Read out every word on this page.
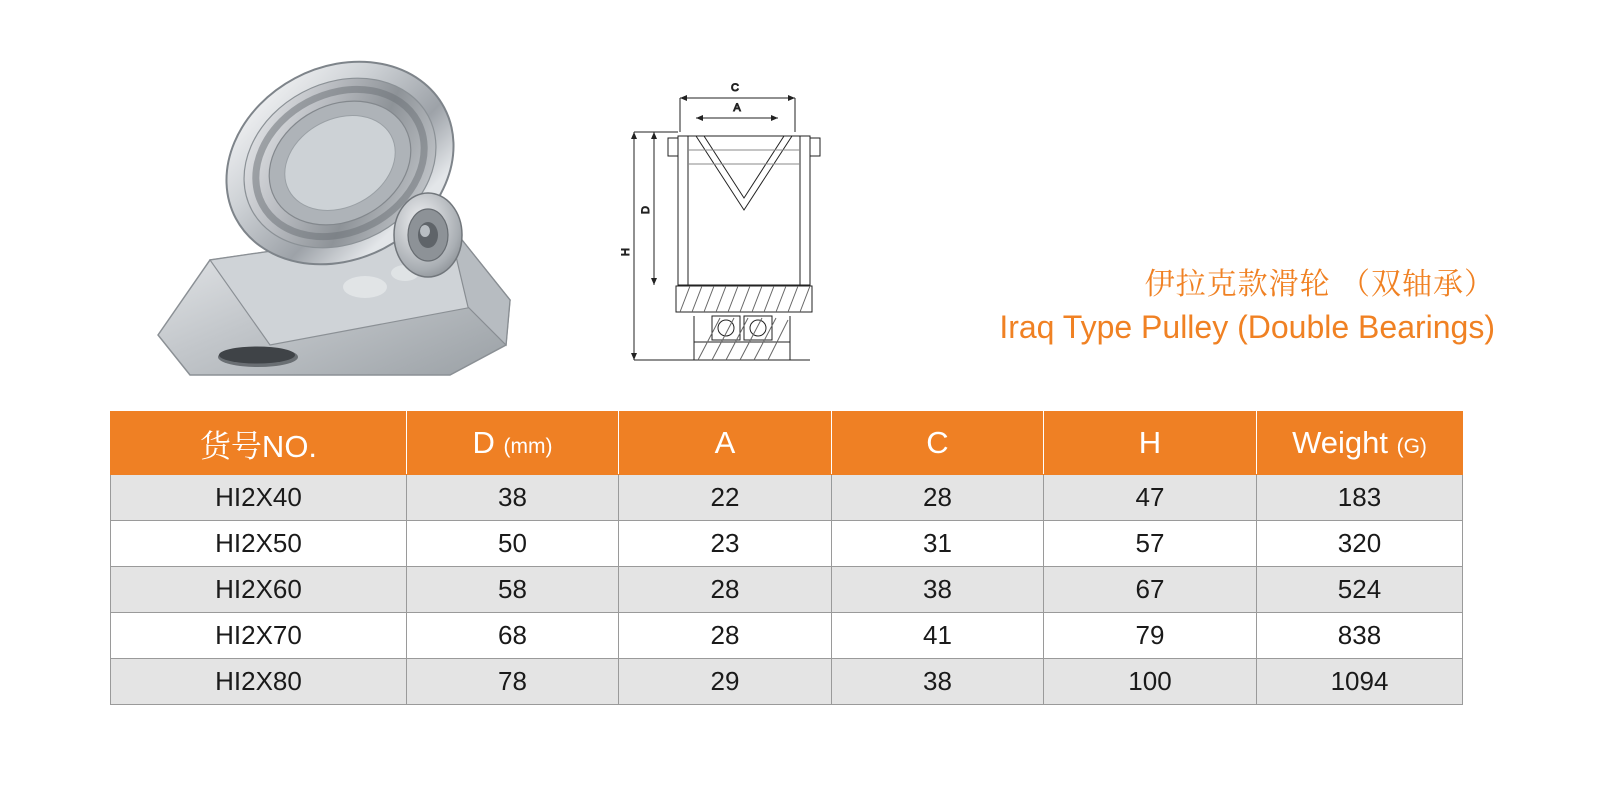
C
A
H
D
伊拉克款滑轮 （双轴承）
Iraq Type Pulley (Double Bearings)
货号NO.	D (mm)	A	C	H	Weight (G)
HI2X40	38	22	28	47	183
HI2X50	50	23	31	57	320
HI2X60	58	28	38	67	524
HI2X70	68	28	41	79	838
HI2X80	78	29	38	100	1094
